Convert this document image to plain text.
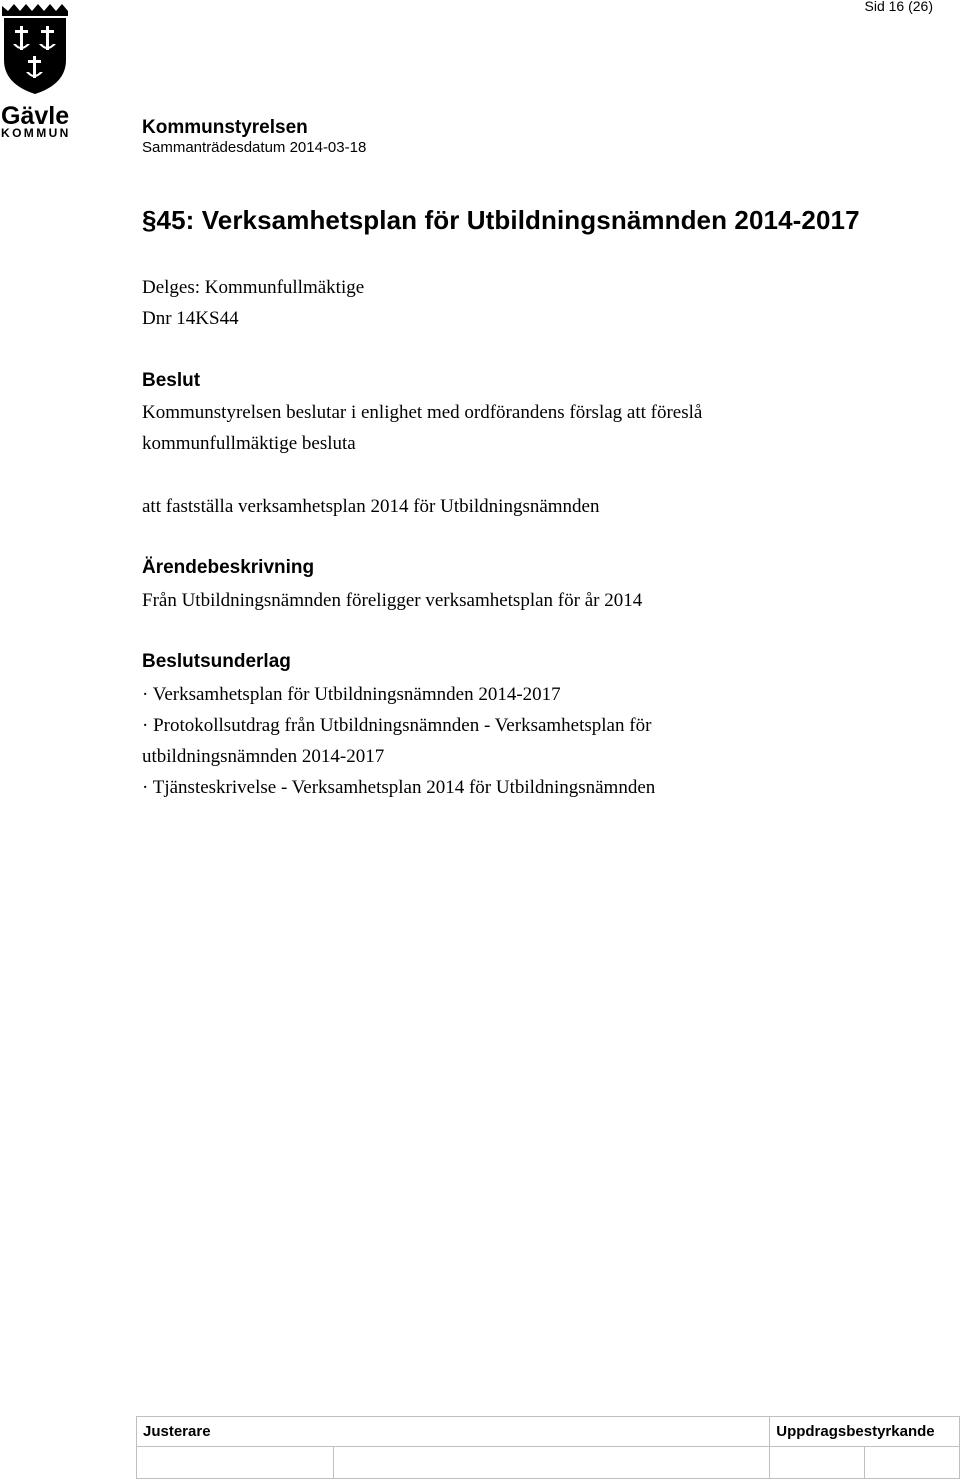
Gävle
KOMMUN
Sid 16 (26)
Kommunstyrelsen
Sammanträdesdatum 2014-03-18
§45: Verksamhetsplan för Utbildningsnämnden 2014-2017
Delges: Kommunfullmäktige
Dnr 14KS44
Beslut
Kommunstyrelsen beslutar i enlighet med ordförandens förslag att föreslå
kommunfullmäktige besluta
att fastställa verksamhetsplan 2014 för Utbildningsnämnden
Ärendebeskrivning
Från Utbildningsnämnden föreligger verksamhetsplan för år 2014
Beslutsunderlag
· Verksamhetsplan för Utbildningsnämnden 2014-2017
· Protokollsutdrag från Utbildningsnämnden - Verksamhetsplan för
utbildningsnämnden 2014-2017
· Tjänsteskrivelse - Verksamhetsplan 2014 för Utbildningsnämnden
Justerare		Uppdragsbestyrkande	
